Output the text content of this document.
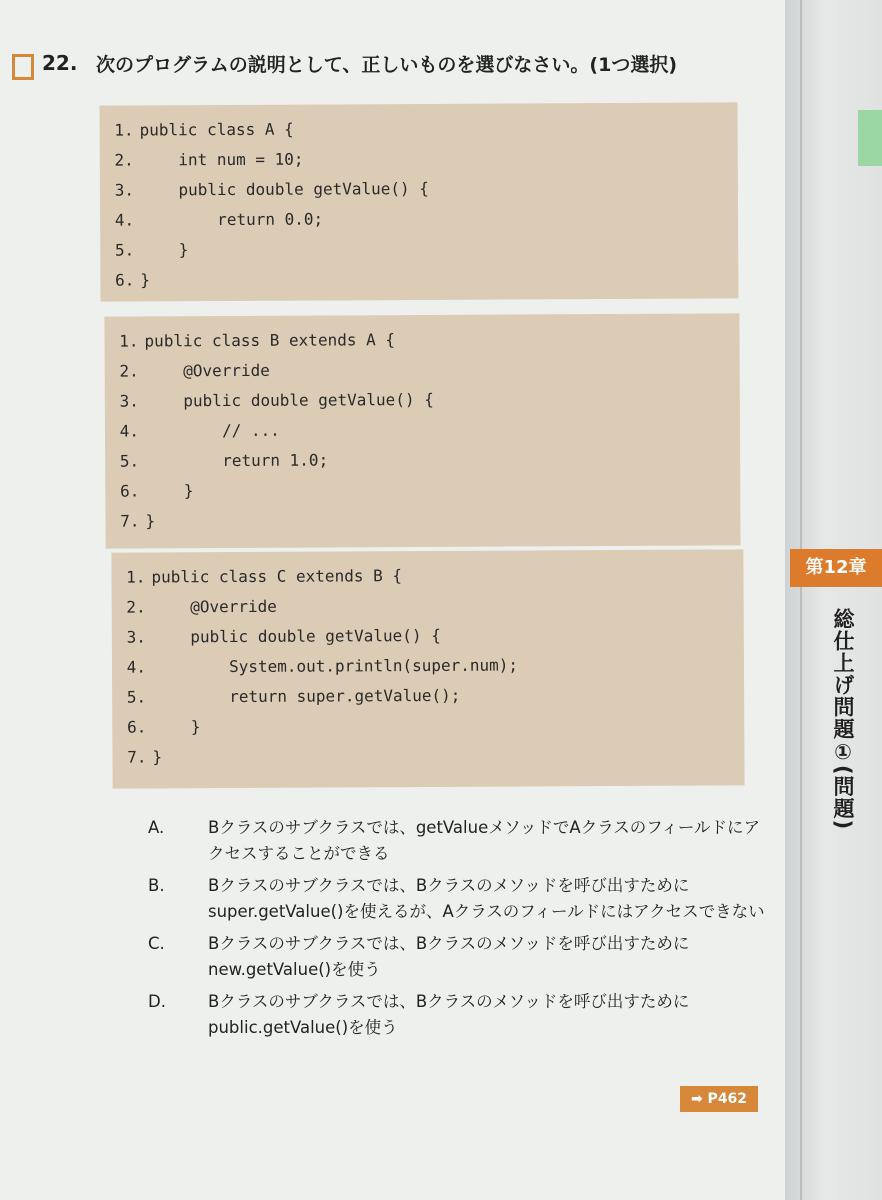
22. 次のプログラムの説明として、正しいものを選びなさい。(1つ選択)
1. public class A {
2.    int num = 10;
3.    public double getValue() {
4.        return 0.0;
5.    }
6. }
1. public class B extends A {
2.    @Override
3.    public double getValue() {
4.        // ...
5.        return 1.0;
6.    }
7. }
1. public class C extends B {
2.    @Override
3.    public double getValue() {
4.        System.out.println(super.num);
5.        return super.getValue();
6.    }
7. }
A.	Bクラスのサブクラスでは、getValueメソッドでAクラスのフィールドにアクセスすることができる
B.	Bクラスのサブクラスでは、Bクラスのメソッドを呼び出すためにsuper.getValue()を使えるが、Aクラスのフィールドにはアクセスできない
C.	Bクラスのサブクラスでは、Bクラスのメソッドを呼び出すためにnew.getValue()を使う
D.	Bクラスのサブクラスでは、Bクラスのメソッドを呼び出すためにpublic.getValue()を使う
➡ P462
第12章
総仕上げ問題①(問題)
